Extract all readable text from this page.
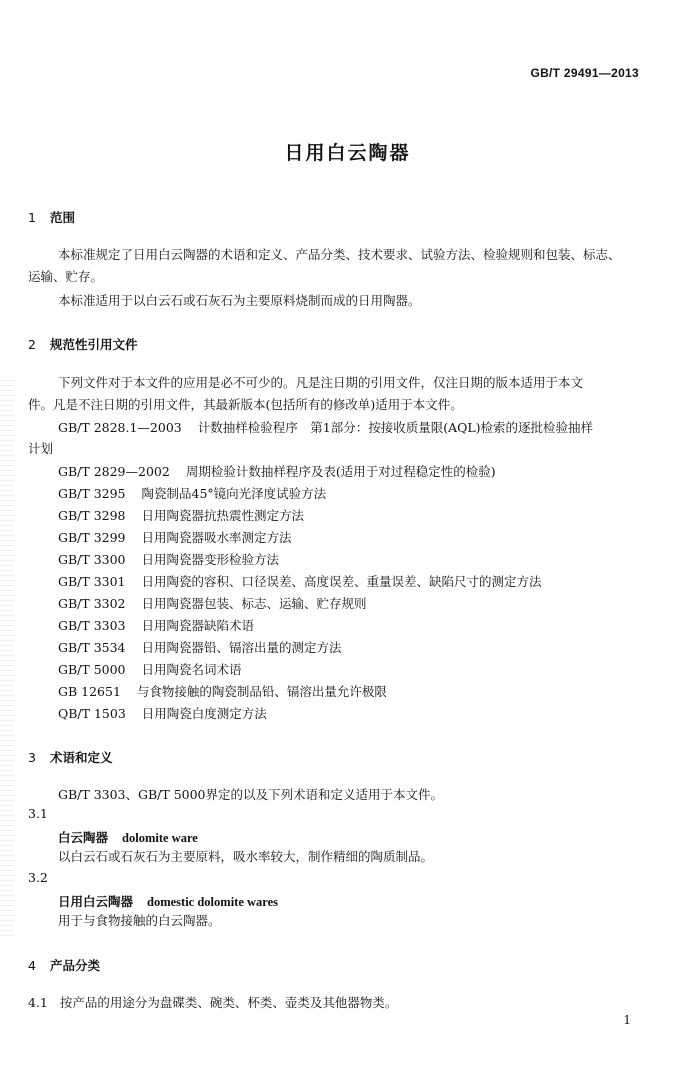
GB/T 29491—2013
日用白云陶器
1 范围
本标准规定了日用白云陶器的术语和定义、产品分类、技术要求、试验方法、检验规则和包装、标志、
运输、贮存。
本标准适用于以白云石或石灰石为主要原料烧制而成的日用陶器。
2 规范性引用文件
下列文件对于本文件的应用是必不可少的。凡是注日期的引用文件，仅注日期的版本适用于本文
件。凡是不注日期的引用文件，其最新版本(包括所有的修改单)适用于本文件。
GB/T 2828.1—2003 计数抽样检验程序　第1部分：按接收质量限(AQL)检索的逐批检验抽样
计划
GB/T 2829—2002 周期检验计数抽样程序及表(适用于对过程稳定性的检验)
GB/T 3295 陶瓷制品45°镜向光泽度试验方法
GB/T 3298 日用陶瓷器抗热震性测定方法
GB/T 3299 日用陶瓷器吸水率测定方法
GB/T 3300 日用陶瓷器变形检验方法
GB/T 3301 日用陶瓷的容积、口径误差、高度误差、重量误差、缺陷尺寸的测定方法
GB/T 3302 日用陶瓷器包装、标志、运输、贮存规则
GB/T 3303 日用陶瓷器缺陷术语
GB/T 3534 日用陶瓷器铅、镉溶出量的测定方法
GB/T 5000 日用陶瓷名词术语
GB 12651 与食物接触的陶瓷制品铅、镉溶出量允许极限
QB/T 1503 日用陶瓷白度测定方法
3 术语和定义
GB/T 3303、GB/T 5000界定的以及下列术语和定义适用于本文件。
3.1
白云陶器 dolomite ware
以白云石或石灰石为主要原料，吸水率较大，制作精细的陶质制品。
3.2
日用白云陶器 domestic dolomite wares
用于与食物接触的白云陶器。
4 产品分类
4.1 按产品的用途分为盘碟类、碗类、杯类、壶类及其他器物类。
1
